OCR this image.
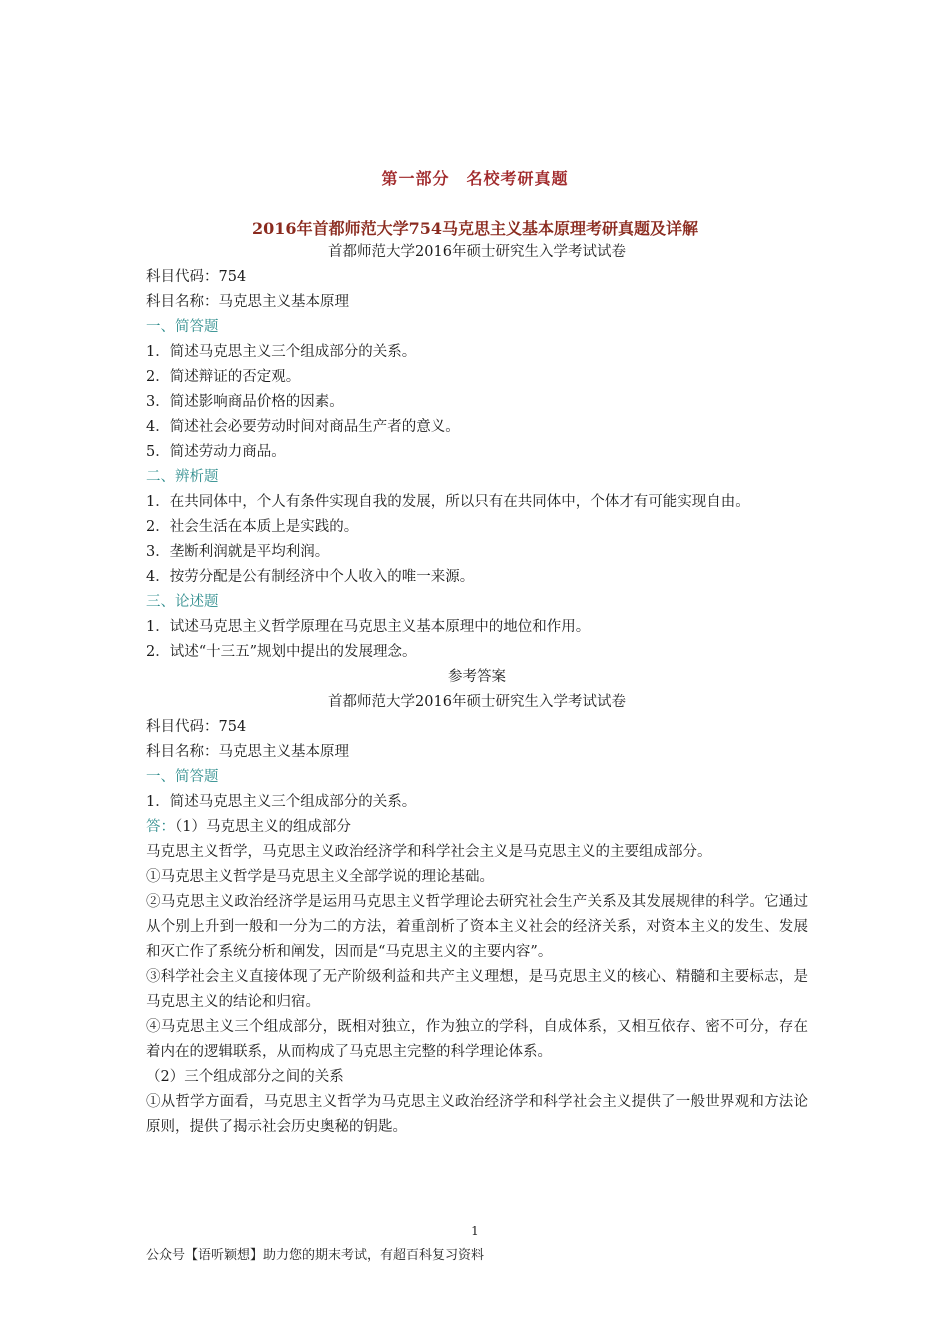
第一部分　名校考研真题
2016年首都师范大学754马克思主义基本原理考研真题及详解
首都师范大学2016年硕士研究生入学考试试卷
科目代码：754
科目名称：马克思主义基本原理
一、简答题
1．简述马克思主义三个组成部分的关系。
2．简述辩证的否定观。
3．简述影响商品价格的因素。
4．简述社会必要劳动时间对商品生产者的意义。
5．简述劳动力商品。
二、辨析题
1．在共同体中，个人有条件实现自我的发展，所以只有在共同体中，个体才有可能实现自由。
2．社会生活在本质上是实践的。
3．垄断利润就是平均利润。
4．按劳分配是公有制经济中个人收入的唯一来源。
三、论述题
1．试述马克思主义哲学原理在马克思主义基本原理中的地位和作用。
2．试述“十三五”规划中提出的发展理念。
参考答案
首都师范大学2016年硕士研究生入学考试试卷
科目代码：754
科目名称：马克思主义基本原理
一、简答题
1．简述马克思主义三个组成部分的关系。
答：（1）马克思主义的组成部分
马克思主义哲学，马克思主义政治经济学和科学社会主义是马克思主义的主要组成部分。
①马克思主义哲学是马克思主义全部学说的理论基础。
②马克思主义政治经济学是运用马克思主义哲学理论去研究社会生产关系及其发展规律的科学。它通过从个别上升到一般和一分为二的方法，着重剖析了资本主义社会的经济关系，对资本主义的发生、发展和灭亡作了系统分析和阐发，因而是“马克思主义的主要内容”。
③科学社会主义直接体现了无产阶级利益和共产主义理想，是马克思主义的核心、精髓和主要标志，是马克思主义的结论和归宿。
④马克思主义三个组成部分，既相对独立，作为独立的学科，自成体系，又相互依存、密不可分，存在着内在的逻辑联系，从而构成了马克思主完整的科学理论体系。
（2）三个组成部分之间的关系
①从哲学方面看，马克思主义哲学为马克思主义政治经济学和科学社会主义提供了一般世界观和方法论原则，提供了揭示社会历史奥秘的钥匙。
1
公众号【语听颖想】助力您的期末考试，有超百科复习资料
